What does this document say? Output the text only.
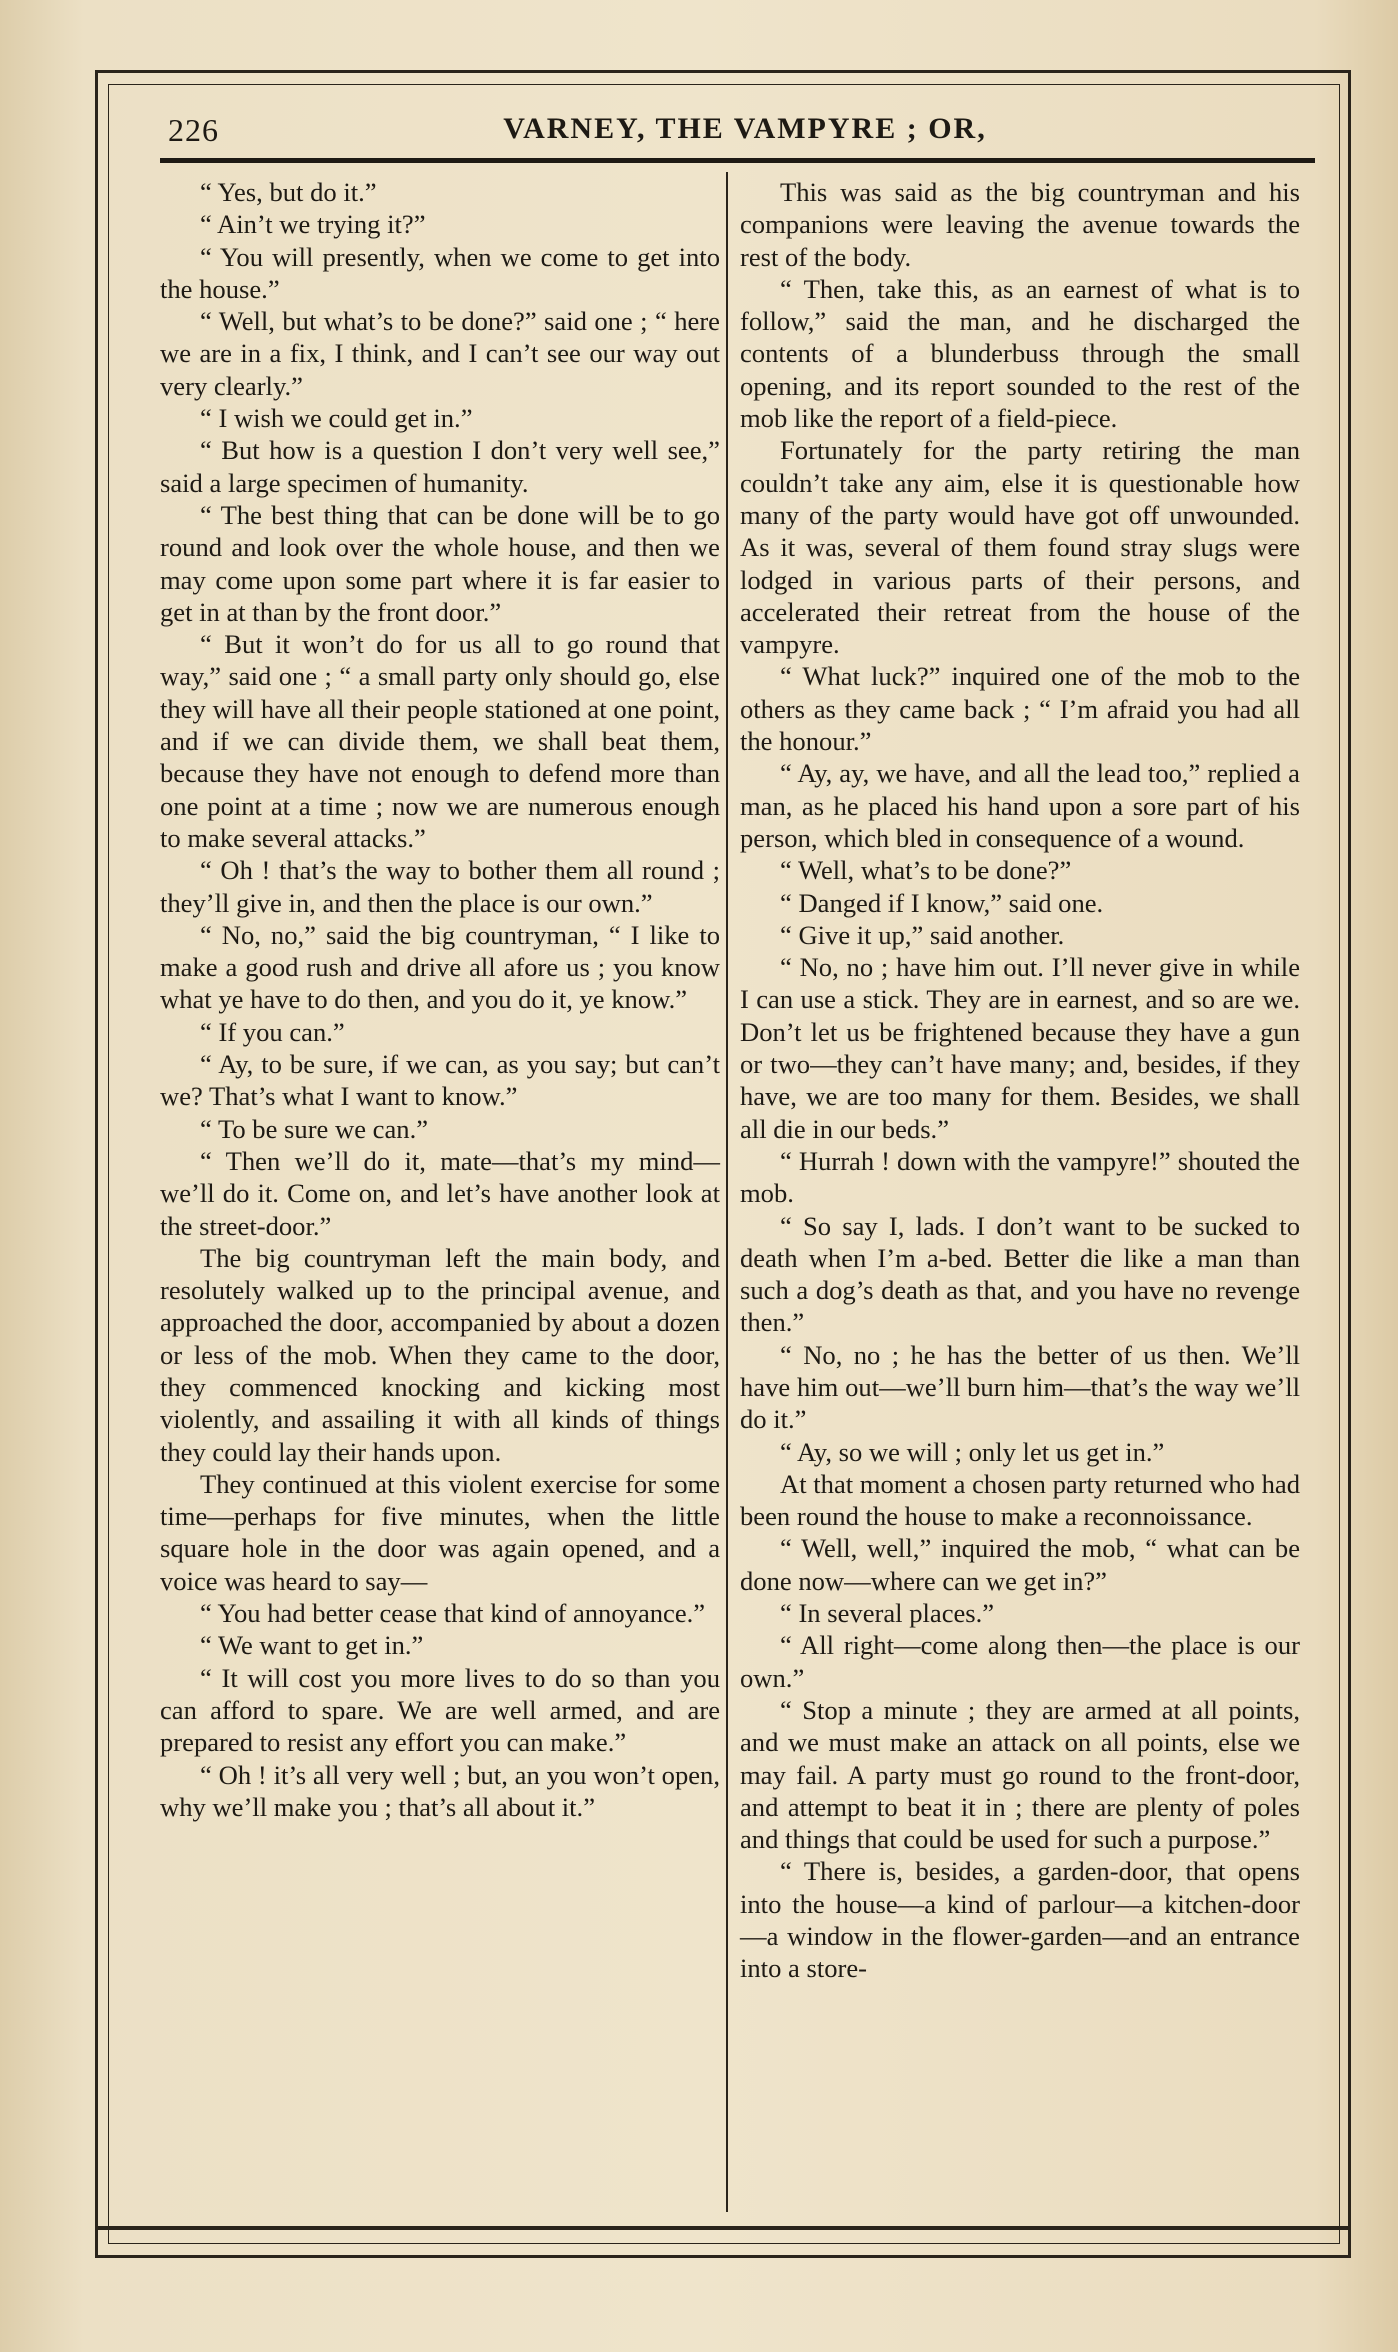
226	VARNEY, THE VAMPYRE ; OR,

“ Yes, but do it.”

“ Ain’t we trying it?”

“ You will presently, when we come to get into the house.”

“ Well, but what’s to be done?” said one ; “ here we are in a fix, I think, and I can’t see our way out very clearly.”

“ I wish we could get in.”

“ But how is a question I don’t very well see,” said a large specimen of humanity.

“ The best thing that can be done will be to go round and look over the whole house, and then we may come upon some part where it is far easier to get in at than by the front door.”

“ But it won’t do for us all to go round that way,” said one ; “ a small party only should go, else they will have all their people stationed at one point, and if we can divide them, we shall beat them, because they have not enough to defend more than one point at a time ; now we are numerous enough to make several attacks.”

“ Oh ! that’s the way to bother them all round ; they’ll give in, and then the place is our own.”

“ No, no,” said the big countryman, “ I like to make a good rush and drive all afore us ; you know what ye have to do then, and you do it, ye know.”

“ If you can.”

“ Ay, to be sure, if we can, as you say; but can’t we? That’s what I want to know.”

“ To be sure we can.”

“ Then we’ll do it, mate—that’s my mind—we’ll do it. Come on, and let’s have another look at the street-door.”

The big countryman left the main body, and resolutely walked up to the principal avenue, and approached the door, accompanied by about a dozen or less of the mob. When they came to the door, they commenced knocking and kicking most violently, and assailing it with all kinds of things they could lay their hands upon.

They continued at this violent exercise for some time—perhaps for five minutes, when the little square hole in the door was again opened, and a voice was heard to say—

“ You had better cease that kind of annoyance.”

“ We want to get in.”

“ It will cost you more lives to do so than you can afford to spare. We are well armed, and are prepared to resist any effort you can make.”

“ Oh ! it’s all very well ; but, an you won’t open, why we’ll make you ; that’s all about it.”

This was said as the big countryman and his companions were leaving the avenue towards the rest of the body.

“ Then, take this, as an earnest of what is to follow,” said the man, and he discharged the contents of a blunderbuss through the small opening, and its report sounded to the rest of the mob like the report of a field-piece.

Fortunately for the party retiring the man couldn’t take any aim, else it is questionable how many of the party would have got off unwounded. As it was, several of them found stray slugs were lodged in various parts of their persons, and accelerated their retreat from the house of the vampyre.

“ What luck?” inquired one of the mob to the others as they came back ; “ I’m afraid you had all the honour.”

“ Ay, ay, we have, and all the lead too,” replied a man, as he placed his hand upon a sore part of his person, which bled in consequence of a wound.

“ Well, what’s to be done?”

“ Danged if I know,” said one.

“ Give it up,” said another.

“ No, no ; have him out. I’ll never give in while I can use a stick. They are in earnest, and so are we. Don’t let us be frightened because they have a gun or two—they can’t have many; and, besides, if they have, we are too many for them. Besides, we shall all die in our beds.”

“ Hurrah ! down with the vampyre!” shouted the mob.

“ So say I, lads. I don’t want to be sucked to death when I’m a-bed. Better die like a man than such a dog’s death as that, and you have no revenge then.”

“ No, no ; he has the better of us then. We’ll have him out—we’ll burn him—that’s the way we’ll do it.”

“ Ay, so we will ; only let us get in.”

At that moment a chosen party returned who had been round the house to make a reconnoissance.

“ Well, well,” inquired the mob, “ what can be done now—where can we get in?”

“ In several places.”

“ All right—come along then—the place is our own.”

“ Stop a minute ; they are armed at all points, and we must make an attack on all points, else we may fail. A party must go round to the front-door, and attempt to beat it in ; there are plenty of poles and things that could be used for such a purpose.”

“ There is, besides, a garden-door, that opens into the house—a kind of parlour—a kitchen-door—a window in the flower-garden—and an entrance into a store-
